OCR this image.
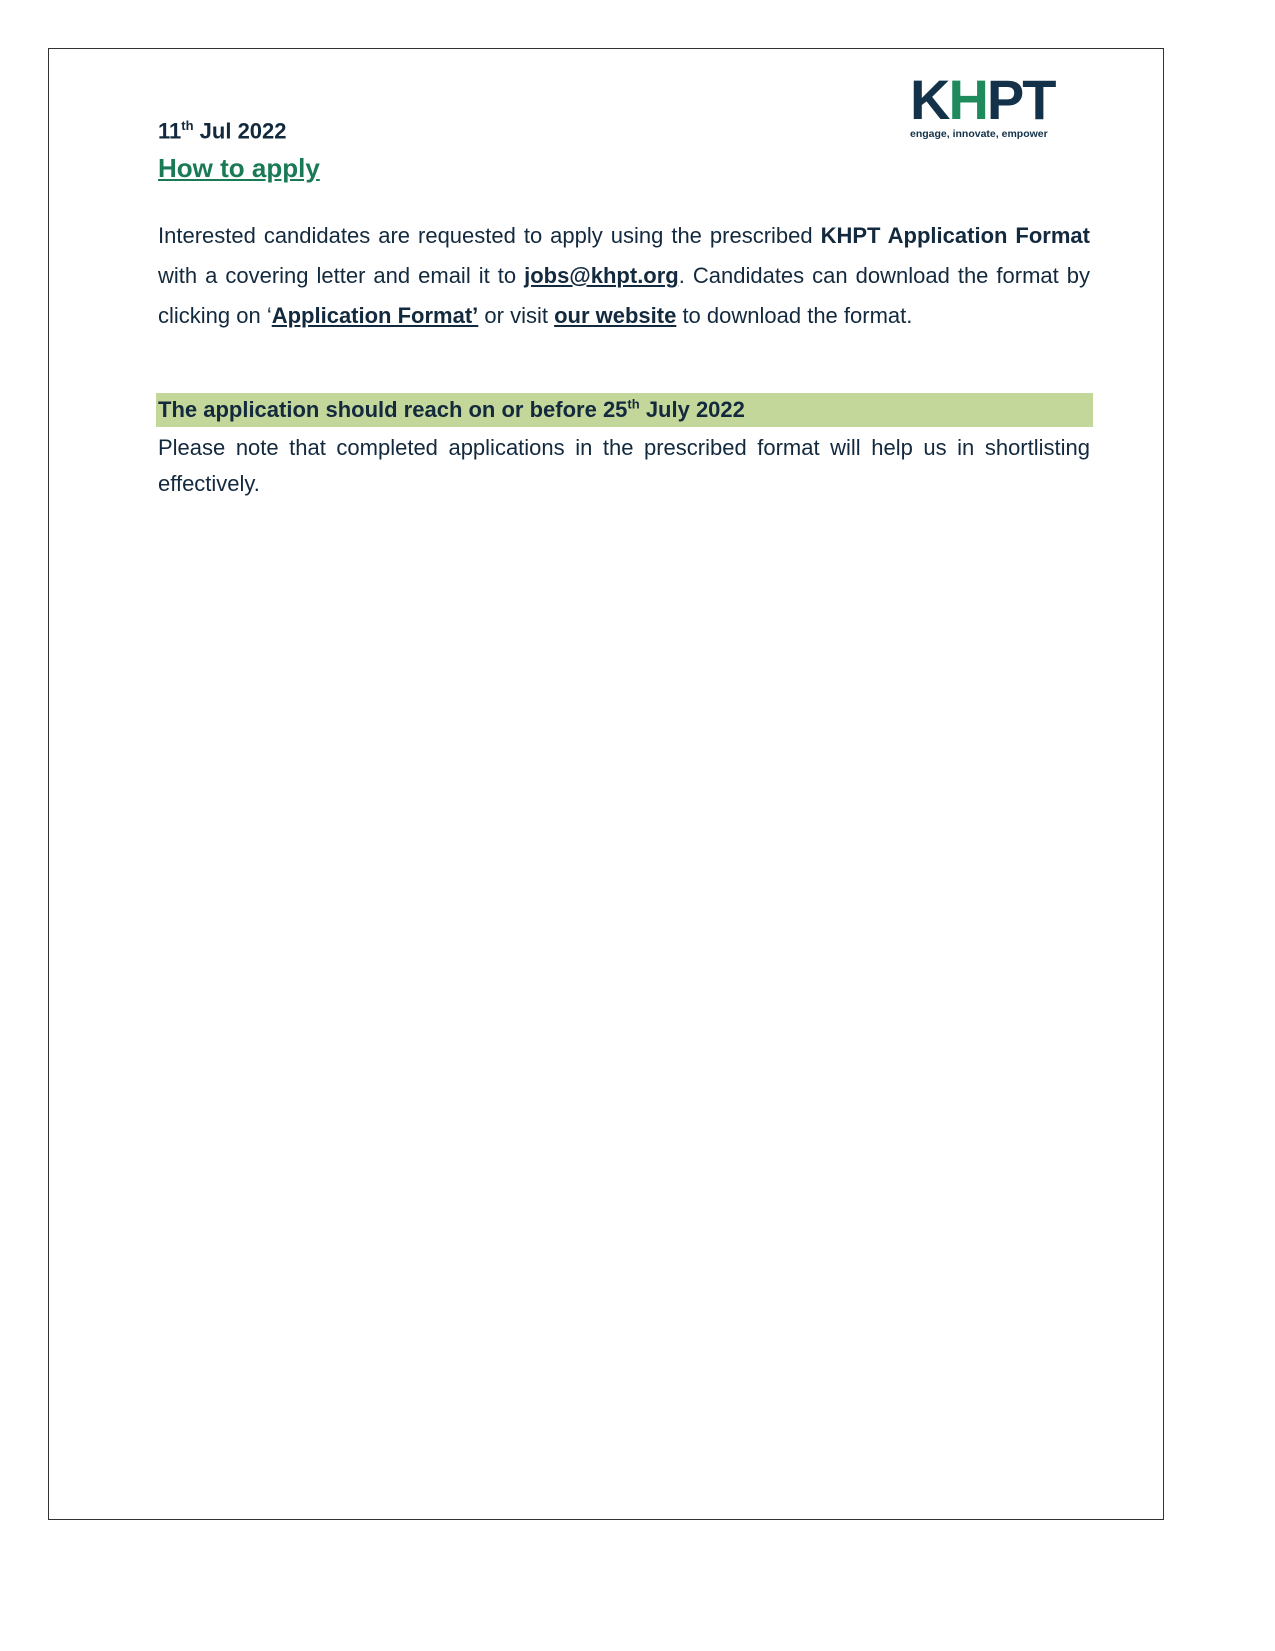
KHPT
engage, innovate, empower
11th Jul 2022
How to apply
Interested candidates are requested to apply using the prescribed KHPT Application Format with a covering letter and email it to jobs@khpt.org. Candidates can download the format by clicking on ‘Application Format’ or visit our website to download the format.
The application should reach on or before 25th July 2022
Please note that completed applications in the prescribed format will help us in shortlisting effectively.
